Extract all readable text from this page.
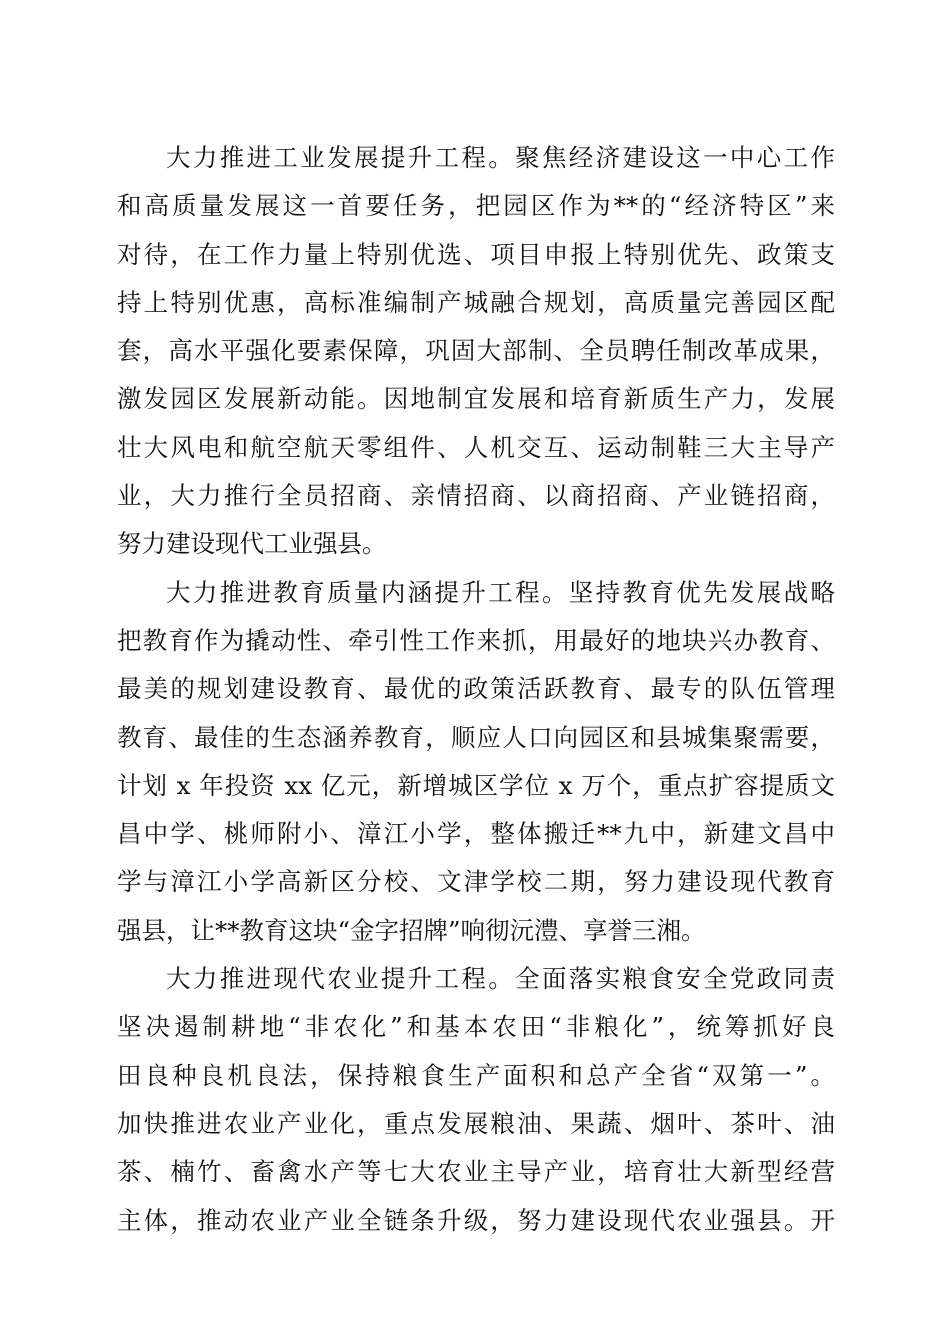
大力推进工业发展提升工程。聚焦经济建设这一中心工作
和高质量发展这一首要任务，把园区作为**的“经济特区”来
对待，在工作力量上特别优选、项目申报上特别优先、政策支
持上特别优惠，高标准编制产城融合规划，高质量完善园区配
套，高水平强化要素保障，巩固大部制、全员聘任制改革成果，
激发园区发展新动能。因地制宜发展和培育新质生产力，发展
壮大风电和航空航天零组件、人机交互、运动制鞋三大主导产
业，大力推行全员招商、亲情招商、以商招商、产业链招商，
努力建设现代工业强县。
大力推进教育质量内涵提升工程。坚持教育优先发展战略
把教育作为撬动性、牵引性工作来抓，用最好的地块兴办教育、
最美的规划建设教育、最优的政策活跃教育、最专的队伍管理
教育、最佳的生态涵养教育，顺应人口向园区和县城集聚需要，
计划 x 年投资 xx 亿元，新增城区学位 x 万个，重点扩容提质文
昌中学、桃师附小、漳江小学，整体搬迁**九中，新建文昌中
学与漳江小学高新区分校、文津学校二期，努力建设现代教育
强县，让**教育这块“金字招牌”响彻沅澧、享誉三湘。
大力推进现代农业提升工程。全面落实粮食安全党政同责
坚决遏制耕地“非农化”和基本农田“非粮化”，统筹抓好良
田良种良机良法，保持粮食生产面积和总产全省“双第一”。
加快推进农业产业化，重点发展粮油、果蔬、烟叶、茶叶、油
茶、楠竹、畜禽水产等七大农业主导产业，培育壮大新型经营
主体，推动农业产业全链条升级，努力建设现代农业强县。开
